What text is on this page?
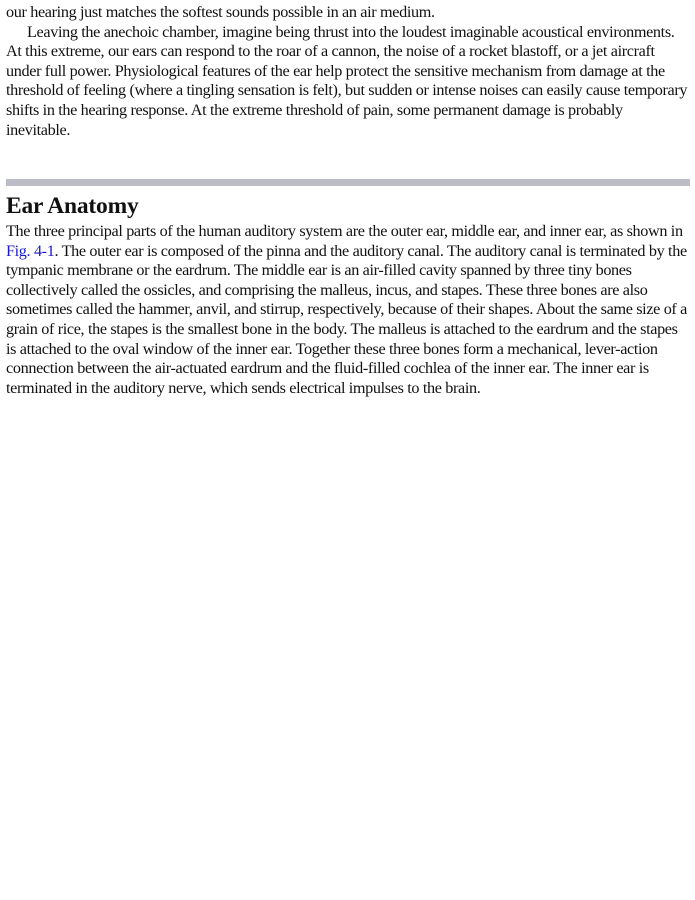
our hearing just matches the softest sounds possible in an air medium.

Leaving the anechoic chamber, imagine being thrust into the loudest imaginable acoustical environments. At this extreme, our ears can respond to the roar of a cannon, the noise of a rocket blastoff, or a jet aircraft under full power. Physiological features of the ear help protect the sensitive mechanism from damage at the threshold of feeling (where a tingling sensation is felt), but sudden or intense noises can easily cause temporary shifts in the hearing response. At the extreme threshold of pain, some permanent damage is probably inevitable.

Ear Anatomy

The three principal parts of the human auditory system are the outer ear, middle ear, and inner ear, as shown in Fig. 4-1. The outer ear is composed of the pinna and the auditory canal. The auditory canal is terminated by the tympanic membrane or the eardrum. The middle ear is an air-filled cavity spanned by three tiny bones collectively called the ossicles, and comprising the malleus, incus, and stapes. These three bones are also sometimes called the hammer, anvil, and stirrup, respectively, because of their shapes. About the same size of a grain of rice, the stapes is the smallest bone in the body. The malleus is attached to the eardrum and the stapes is attached to the oval window of the inner ear. Together these three bones form a mechanical, lever-action connection between the air-actuated eardrum and the fluid-filled cochlea of the inner ear. The inner ear is terminated in the auditory nerve, which sends electrical impulses to the brain.
